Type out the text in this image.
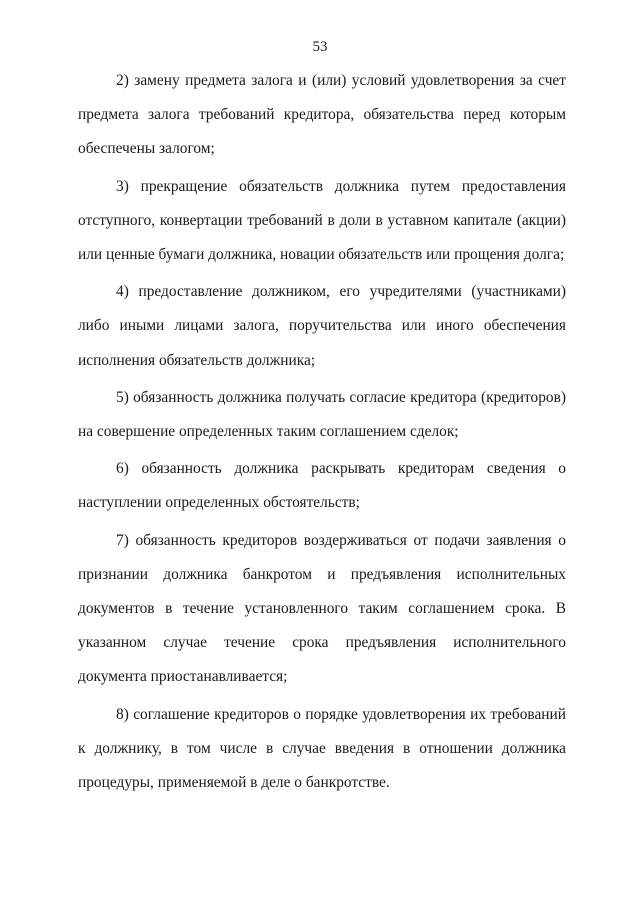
53

2) замену предмета залога и (или) условий удовлетворения за счет предмета залога требований кредитора, обязательства перед которым обеспечены залогом;

3) прекращение обязательств должника путем предоставления отступного, конвертации требований в доли в уставном капитале (акции) или ценные бумаги должника, новации обязательств или прощения долга;

4) предоставление должником, его учредителями (участниками) либо иными лицами залога, поручительства или иного обеспечения исполнения обязательств должника;

5) обязанность должника получать согласие кредитора (кредиторов) на совершение определенных таким соглашением сделок;

6) обязанность должника раскрывать кредиторам сведения о наступлении определенных обстоятельств;

7) обязанность кредиторов воздерживаться от подачи заявления о признании должника банкротом и предъявления исполнительных документов в течение установленного таким соглашением срока. В указанном случае течение срока предъявления исполнительного документа приостанавливается;

8) соглашение кредиторов о порядке удовлетворения их требований к должнику, в том числе в случае введения в отношении должника процедуры, применяемой в деле о банкротстве.
